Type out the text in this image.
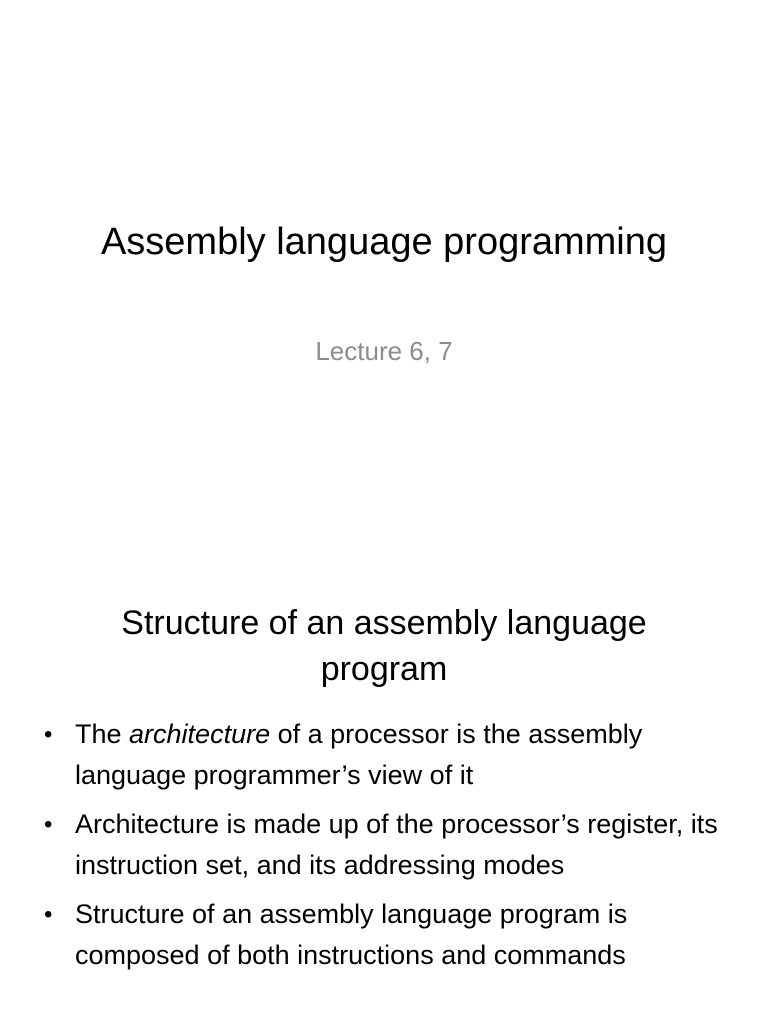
Assembly language programming
Lecture 6, 7
Structure of an assembly language program
• The architecture of a processor is the assembly language programmer’s view of it
• Architecture is made up of the processor’s register, its instruction set, and its addressing modes
• Structure of an assembly language program is composed of both instructions and commands
